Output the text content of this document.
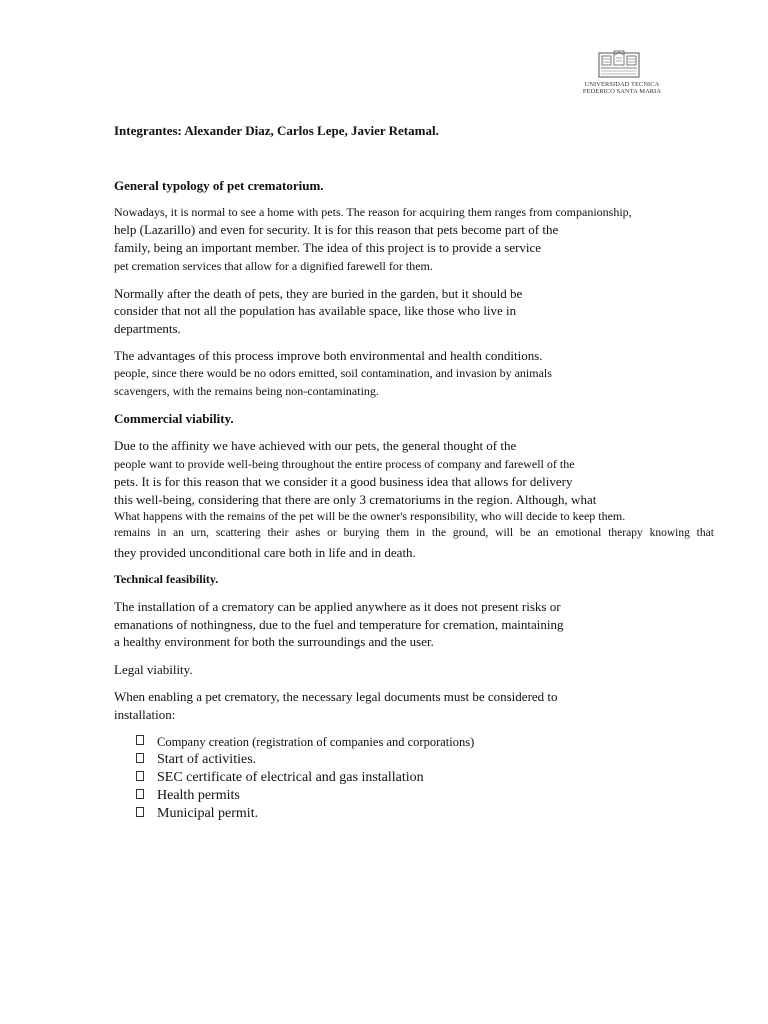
UNIVERSIDAD TECNICA
FEDERICO SANTA MARIA
Integrantes: Alexander Diaz, Carlos Lepe, Javier Retamal.
General typology of pet crematorium.
Nowadays, it is normal to see a home with pets. The reason for acquiring them ranges from companionship,
help (Lazarillo) and even for security. It is for this reason that pets become part of the
family, being an important member. The idea of this project is to provide a service
pet cremation services that allow for a dignified farewell for them.
Normally after the death of pets, they are buried in the garden, but it should be
consider that not all the population has available space, like those who live in
departments.
The advantages of this process improve both environmental and health conditions.
people, since there would be no odors emitted, soil contamination, and invasion by animals
scavengers, with the remains being non-contaminating.
Commercial viability.
Due to the affinity we have achieved with our pets, the general thought of the
people want to provide well-being throughout the entire process of company and farewell of the
pets. It is for this reason that we consider it a good business idea that allows for delivery
this well-being, considering that there are only 3 crematoriums in the region. Although, what
What happens with the remains of the pet will be the owner's responsibility, who will decide to keep them.
remains in an urn, scattering their ashes or burying them in the ground, will be an emotional therapy knowing that
they provided unconditional care both in life and in death.
Technical feasibility.
The installation of a crematory can be applied anywhere as it does not present risks or
emanations of nothingness, due to the fuel and temperature for cremation, maintaining
a healthy environment for both the surroundings and the user.
Legal viability.
When enabling a pet crematory, the necessary legal documents must be considered to
installation:
Company creation (registration of companies and corporations)
Start of activities.
SEC certificate of electrical and gas installation
Health permits
Municipal permit.
